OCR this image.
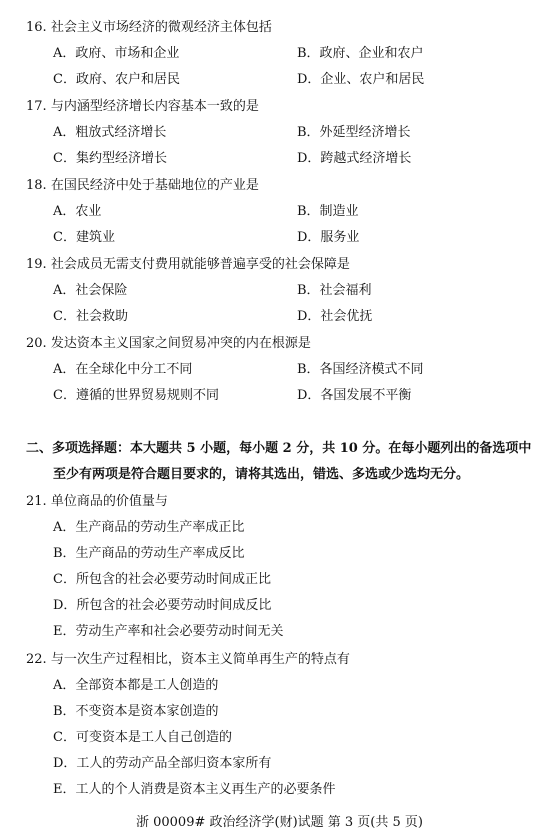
16. 社会主义市场经济的微观经济主体包括
A．政府、市场和企业	B．政府、企业和农户
C．政府、农户和居民	D．企业、农户和居民
17. 与内涵型经济增长内容基本一致的是
A．粗放式经济增长	B．外延型经济增长
C．集约型经济增长	D．跨越式经济增长
18. 在国民经济中处于基础地位的产业是
A．农业	B．制造业
C．建筑业	D．服务业
19. 社会成员无需支付费用就能够普遍享受的社会保障是
A．社会保险	B．社会福利
C．社会救助	D．社会优抚
20. 发达资本主义国家之间贸易冲突的内在根源是
A．在全球化中分工不同	B．各国经济模式不同
C．遵循的世界贸易规则不同	D．各国发展不平衡
二、多项选择题：本大题共 5 小题，每小题 2 分，共 10 分。在每小题列出的备选项中
至少有两项是符合题目要求的，请将其选出，错选、多选或少选均无分。
21. 单位商品的价值量与
A．生产商品的劳动生产率成正比
B．生产商品的劳动生产率成反比
C．所包含的社会必要劳动时间成正比
D．所包含的社会必要劳动时间成反比
E．劳动生产率和社会必要劳动时间无关
22. 与一次生产过程相比，资本主义简单再生产的特点有
A．全部资本都是工人创造的
B．不变资本是资本家创造的
C．可变资本是工人自己创造的
D．工人的劳动产品全部归资本家所有
E．工人的个人消费是资本主义再生产的必要条件
浙 00009# 政治经济学(财)试题 第 3 页(共 5 页)
